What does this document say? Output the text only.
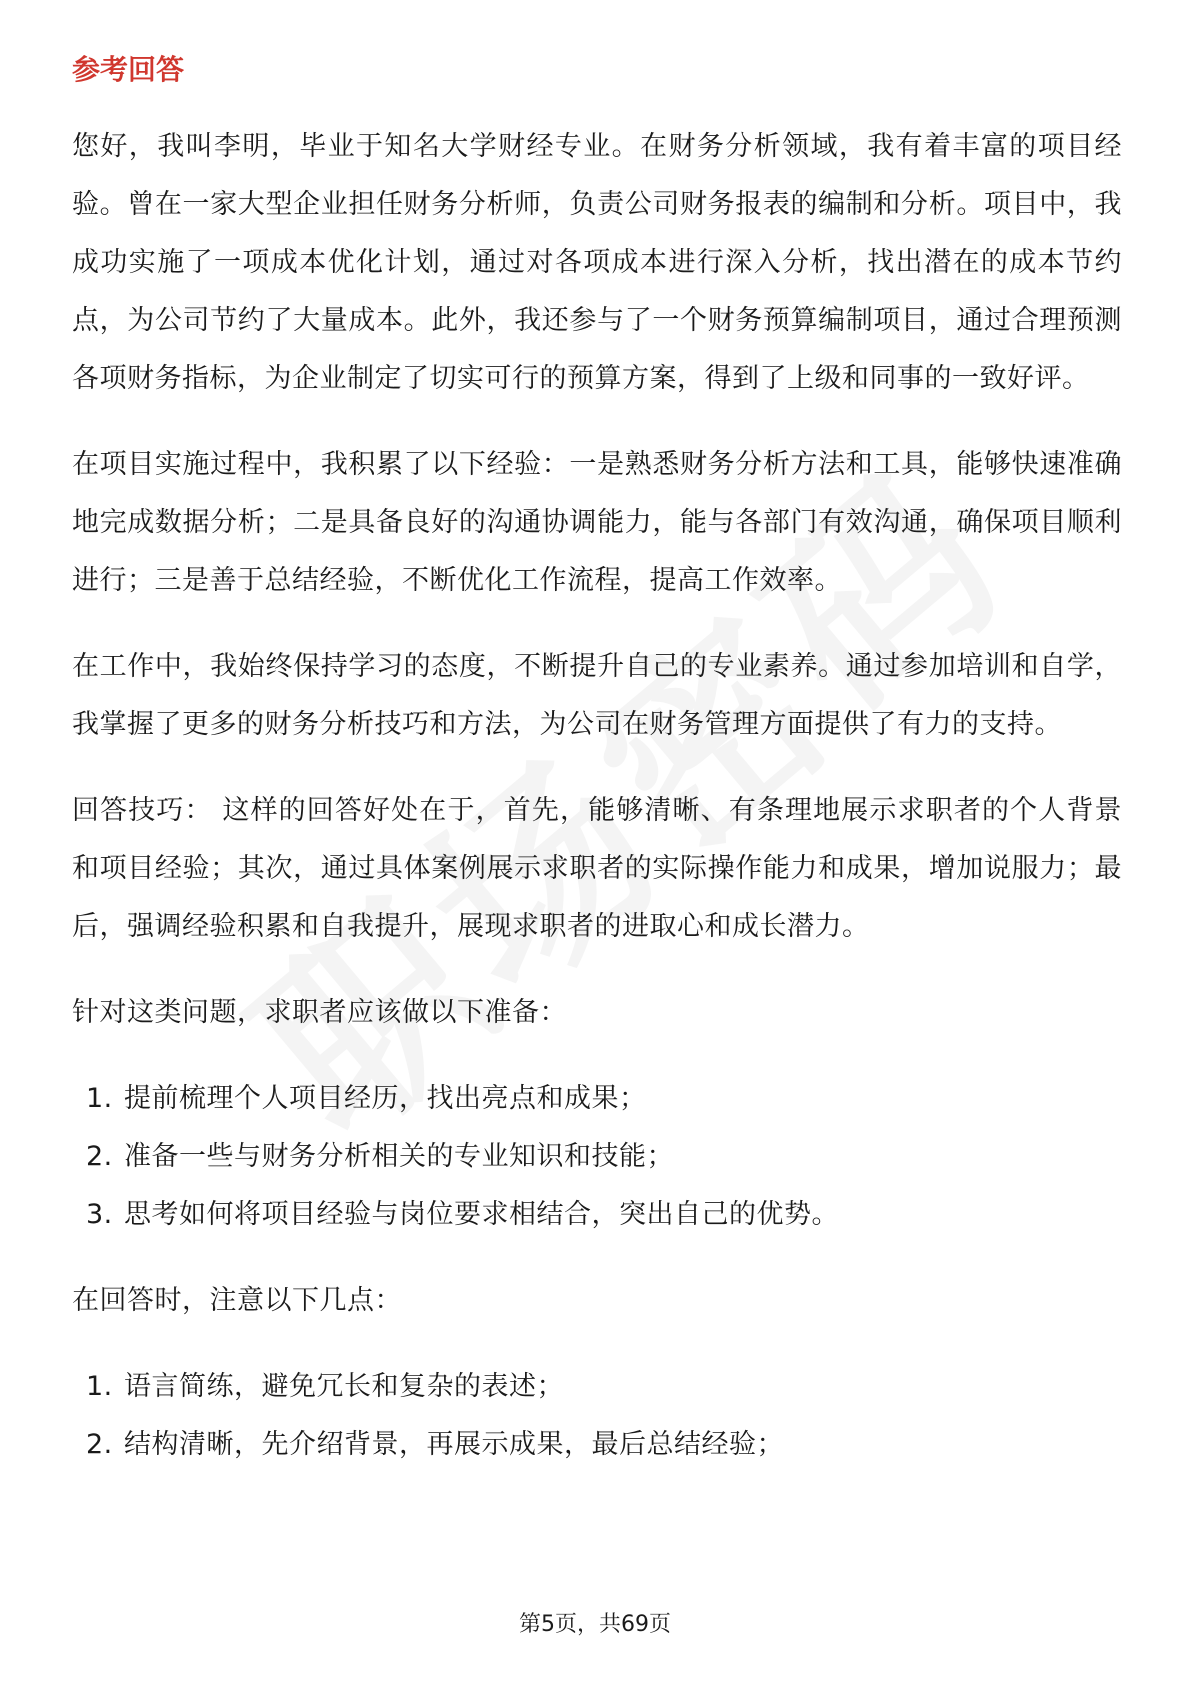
参考回答

您好，我叫李明，毕业于知名大学财经专业。在财务分析领域，我有着丰富的项目经验。曾在一家大型企业担任财务分析师，负责公司财务报表的编制和分析。项目中，我成功实施了一项成本优化计划，通过对各项成本进行深入分析，找出潜在的成本节约点，为公司节约了大量成本。此外，我还参与了一个财务预算编制项目，通过合理预测各项财务指标，为企业制定了切实可行的预算方案，得到了上级和同事的一致好评。

在项目实施过程中，我积累了以下经验：一是熟悉财务分析方法和工具，能够快速准确地完成数据分析；二是具备良好的沟通协调能力，能与各部门有效沟通，确保项目顺利进行；三是善于总结经验，不断优化工作流程，提高工作效率。

在工作中，我始终保持学习的态度，不断提升自己的专业素养。通过参加培训和自学，我掌握了更多的财务分析技巧和方法，为公司在财务管理方面提供了有力的支持。

回答技巧： 这样的回答好处在于，首先，能够清晰、有条理地展示求职者的个人背景和项目经验；其次，通过具体案例展示求职者的实际操作能力和成果，增加说服力；最后，强调经验积累和自我提升，展现求职者的进取心和成长潜力。

针对这类问题，求职者应该做以下准备：

1. 提前梳理个人项目经历，找出亮点和成果；
2. 准备一些与财务分析相关的专业知识和技能；
3. 思考如何将项目经验与岗位要求相结合，突出自己的优势。

在回答时，注意以下几点：

1. 语言简练，避免冗长和复杂的表述；
2. 结构清晰，先介绍背景，再展示成果，最后总结经验；
第5页，共69页
